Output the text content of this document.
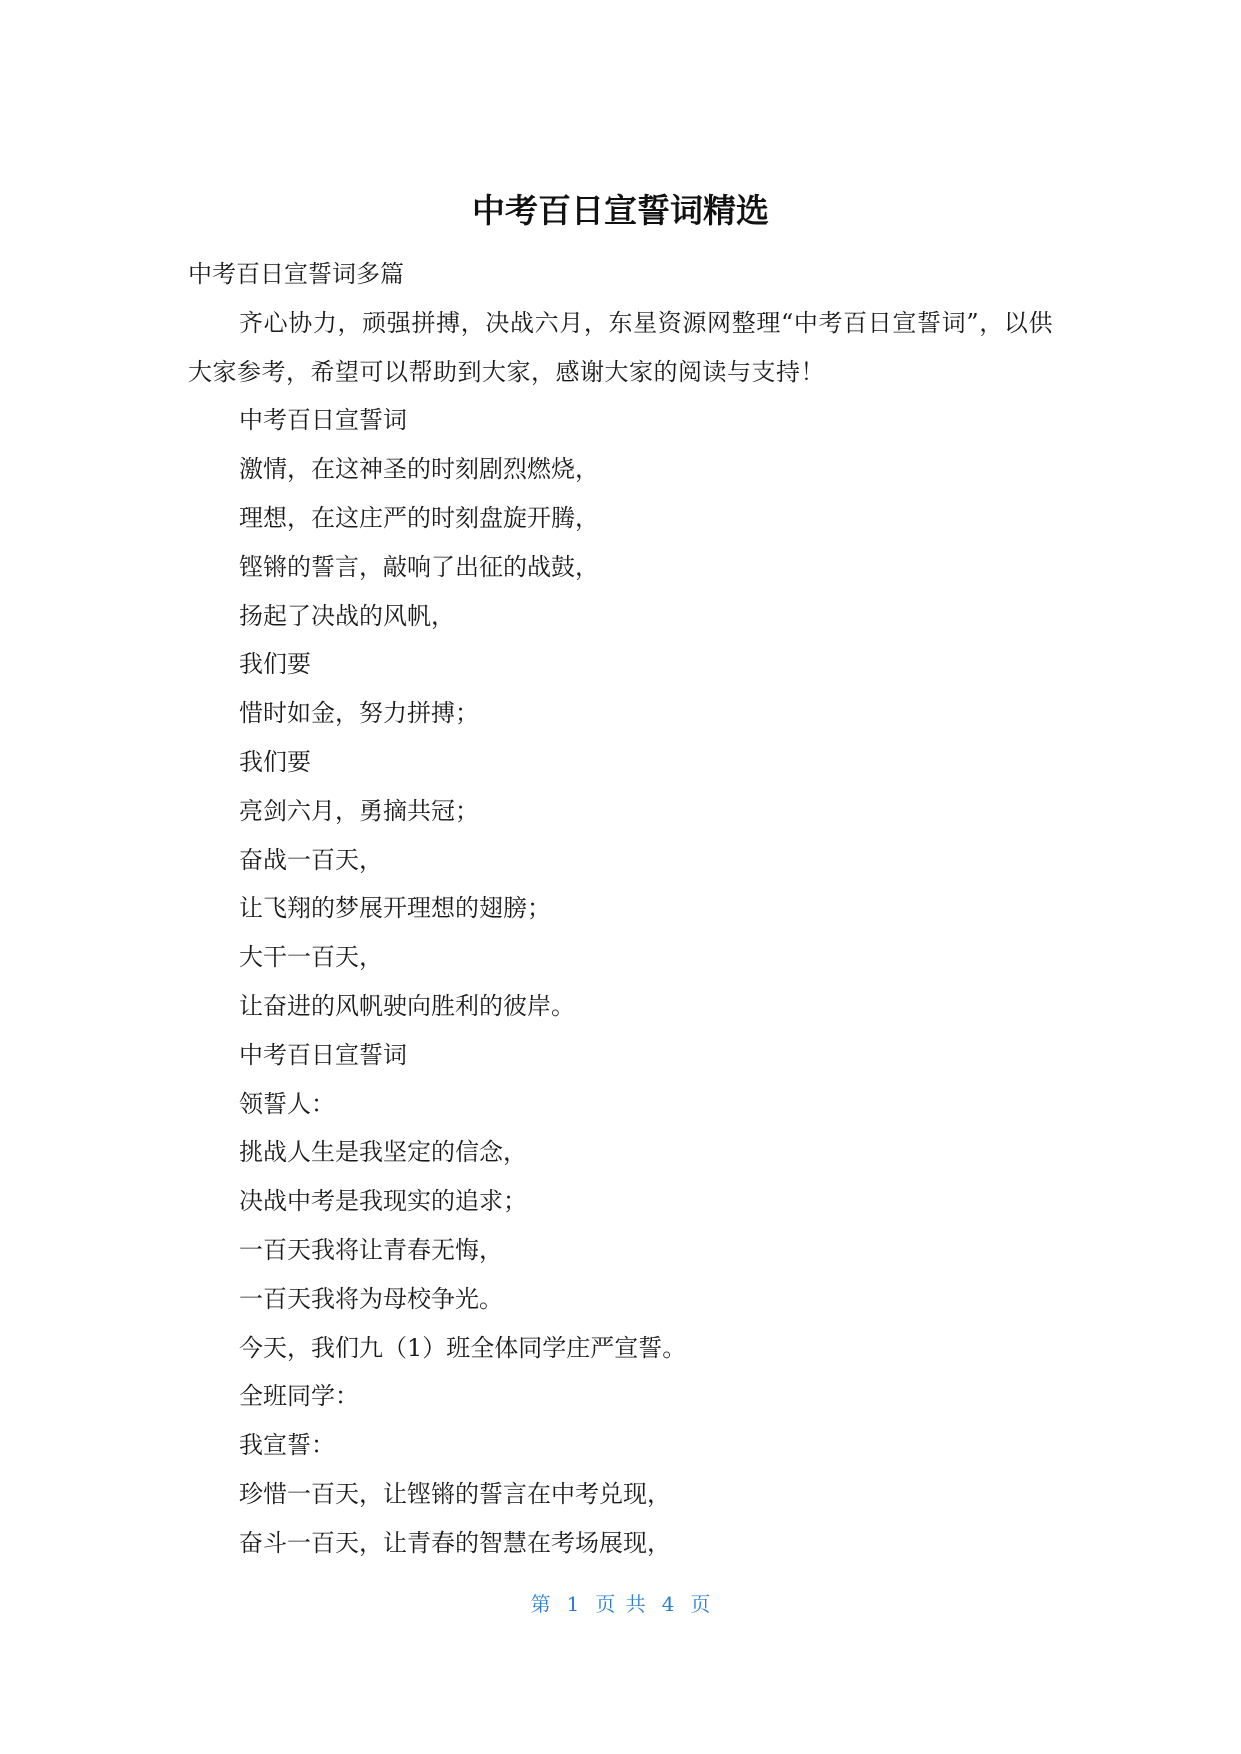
中考百日宣誓词精选
中考百日宣誓词多篇
齐心协力，顽强拼搏，决战六月，东星资源网整理“中考百日宣誓词”，以供大家参考，希望可以帮助到大家，感谢大家的阅读与支持！
中考百日宣誓词
激情，在这神圣的时刻剧烈燃烧，
理想，在这庄严的时刻盘旋开腾，
铿锵的誓言，敲响了出征的战鼓，
扬起了决战的风帆，
我们要
惜时如金，努力拼搏；
我们要
亮剑六月，勇摘共冠；
奋战一百天，
让飞翔的梦展开理想的翅膀；
大干一百天，
让奋进的风帆驶向胜利的彼岸。
中考百日宣誓词
领誓人：
挑战人生是我坚定的信念，
决战中考是我现实的追求；
一百天我将让青春无悔，
一百天我将为母校争光。
今天，我们九（1）班全体同学庄严宣誓。
全班同学：
我宣誓：
珍惜一百天，让铿锵的誓言在中考兑现，
奋斗一百天，让青春的智慧在考场展现，
第 1 页 共 4 页
